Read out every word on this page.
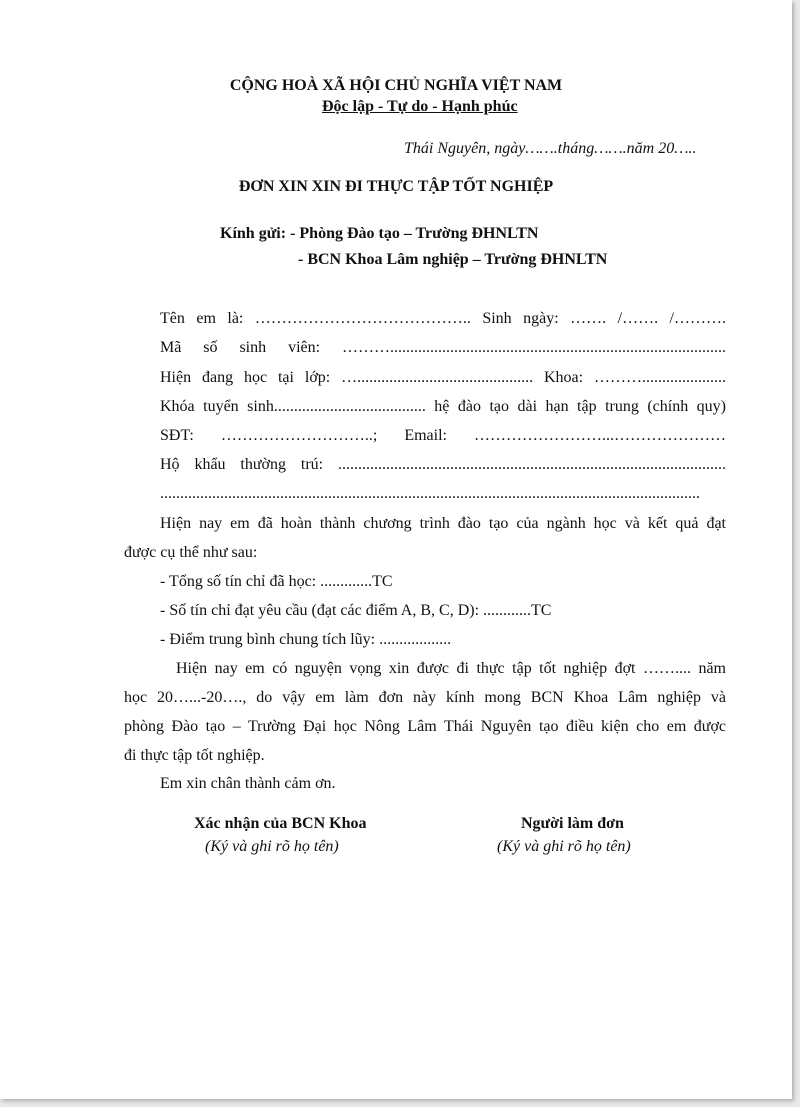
CỘNG HOÀ XÃ HỘI CHỦ NGHĨA VIỆT NAM
Độc lập - Tự do - Hạnh phúc
Thái Nguyên, ngày…….tháng…….năm 20…..
ĐƠN XIN XIN ĐI THỰC TẬP TỐT NGHIỆP
Kính gửi: - Phòng Đào tạo – Trường ĐHNLTN
- BCN Khoa Lâm nghiệp – Trường ĐHNLTN
Tên em là: ………………………………….. Sinh ngày: ……. /……. /……….
Mã số sinh viên: ………....................................................................................
Hiện đang học tại lớp: …............................................ Khoa: ……….....................
Khóa tuyển sinh...................................... hệ đào tạo dài hạn tập trung (chính quy)
SĐT: ………………………..; Email: ……………………...…………………
Hộ khẩu thường trú: .................................................................................................
.......................................................................................................................................
Hiện nay em đã hoàn thành chương trình đào tạo của ngành học và kết quả đạt
được cụ thể như sau:
- Tổng số tín chỉ đã học: .............TC
- Số tín chỉ đạt yêu cầu (đạt các điểm A, B, C, D): ............TC
- Điểm trung bình chung tích lũy: ..................
Hiện nay em có nguyện vọng xin được đi thực tập tốt nghiệp đợt …….... năm
học 20…...-20…., do vậy em làm đơn này kính mong BCN Khoa Lâm nghiệp và
phòng Đào tạo – Trường Đại học Nông Lâm Thái Nguyên tạo điều kiện cho em được
đi thực tập tốt nghiệp.
Em xin chân thành cảm ơn.
Xác nhận của BCN Khoa
(Ký và ghi rõ họ tên)
Người làm đơn
(Ký và ghi rõ họ tên)
